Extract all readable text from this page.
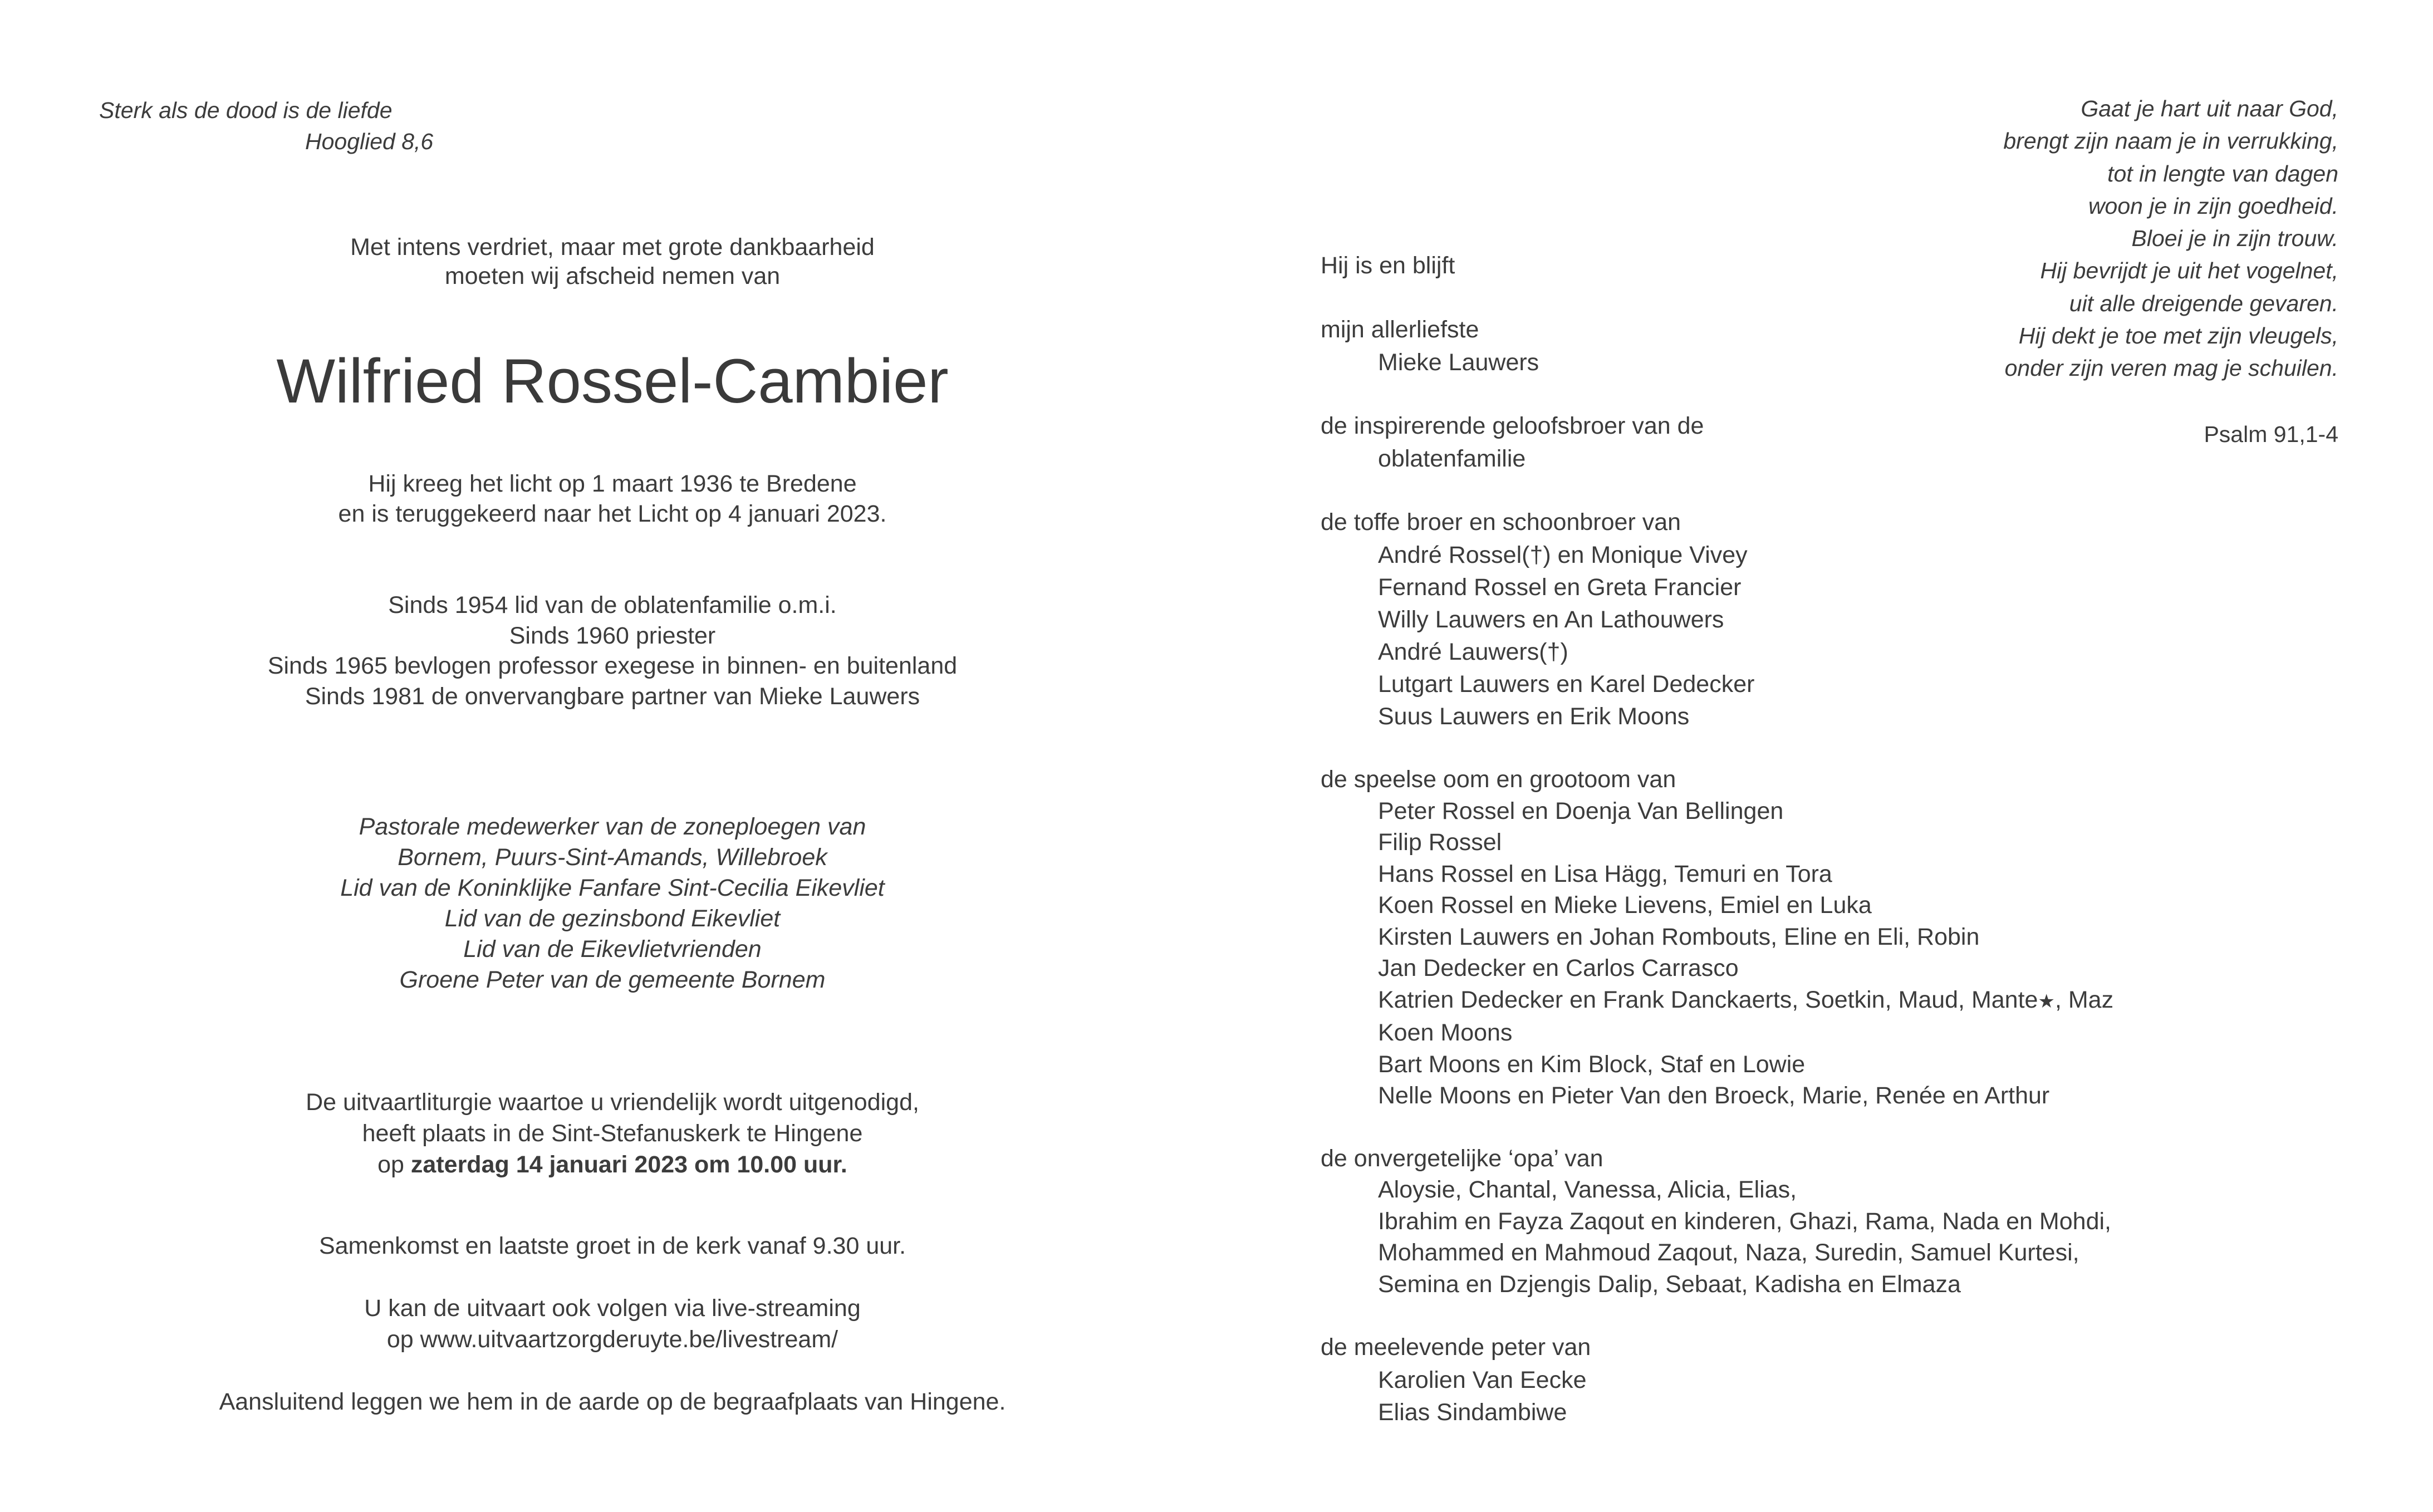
Sterk als de dood is de liefde
Hooglied 8,6
Met intens verdriet, maar met grote dankbaarheid
moeten wij afscheid nemen van
Wilfried Rossel-Cambier
Hij kreeg het licht op 1 maart 1936 te Bredene
en is teruggekeerd naar het Licht op 4 januari 2023.
Sinds 1954 lid van de oblatenfamilie o.m.i.
Sinds 1960 priester
Sinds 1965 bevlogen professor exegese in binnen- en buitenland
Sinds 1981 de onvervangbare partner van Mieke Lauwers
Pastorale medewerker van de zoneploegen van
Bornem, Puurs-Sint-Amands, Willebroek
Lid van de Koninklijke Fanfare Sint-Cecilia Eikevliet
Lid van de gezinsbond Eikevliet
Lid van de Eikevlietvrienden
Groene Peter van de gemeente Bornem
De uitvaartliturgie waartoe u vriendelijk wordt uitgenodigd,
heeft plaats in de Sint-Stefanuskerk te Hingene
op zaterdag 14 januari 2023 om 10.00 uur.
Samenkomst en laatste groet in de kerk vanaf 9.30 uur.
U kan de uitvaart ook volgen via live-streaming
op www.uitvaartzorgderuyte.be/livestream/
Aansluitend leggen we hem in de aarde op de begraafplaats van Hingene.
Gaat je hart uit naar God,
brengt zijn naam je in verrukking,
tot in lengte van dagen
woon je in zijn goedheid.
Bloei je in zijn trouw.
Hij bevrijdt je uit het vogelnet,
uit alle dreigende gevaren.
Hij dekt je toe met zijn vleugels,
onder zijn veren mag je schuilen.
Psalm 91,1-4
Hij is en blijft
mijn allerliefste
Mieke Lauwers
de inspirerende geloofsbroer van de
oblatenfamilie
de toffe broer en schoonbroer van
André Rossel(†) en Monique Vivey
Fernand Rossel en Greta Francier
Willy Lauwers en An Lathouwers
André Lauwers(†)
Lutgart Lauwers en Karel Dedecker
Suus Lauwers en Erik Moons
de speelse oom en grootoom van
Peter Rossel en Doenja Van Bellingen
Filip Rossel
Hans Rossel en Lisa Hägg, Temuri en Tora
Koen Rossel en Mieke Lievens, Emiel en Luka
Kirsten Lauwers en Johan Rombouts, Eline en Eli, Robin
Jan Dedecker en Carlos Carrasco
Katrien Dedecker en Frank Danckaerts, Soetkin, Maud, Mante★, Maz
Koen Moons
Bart Moons en Kim Block, Staf en Lowie
Nelle Moons en Pieter Van den Broeck, Marie, Renée en Arthur
de onvergetelijke ‘opa’ van
Aloysie, Chantal, Vanessa, Alicia, Elias,
Ibrahim en Fayza Zaqout en kinderen, Ghazi, Rama, Nada en Mohdi,
Mohammed en Mahmoud Zaqout, Naza, Suredin, Samuel Kurtesi,
Semina en Dzjengis Dalip, Sebaat, Kadisha en Elmaza
de meelevende peter van
Karolien Van Eecke
Elias Sindambiwe
